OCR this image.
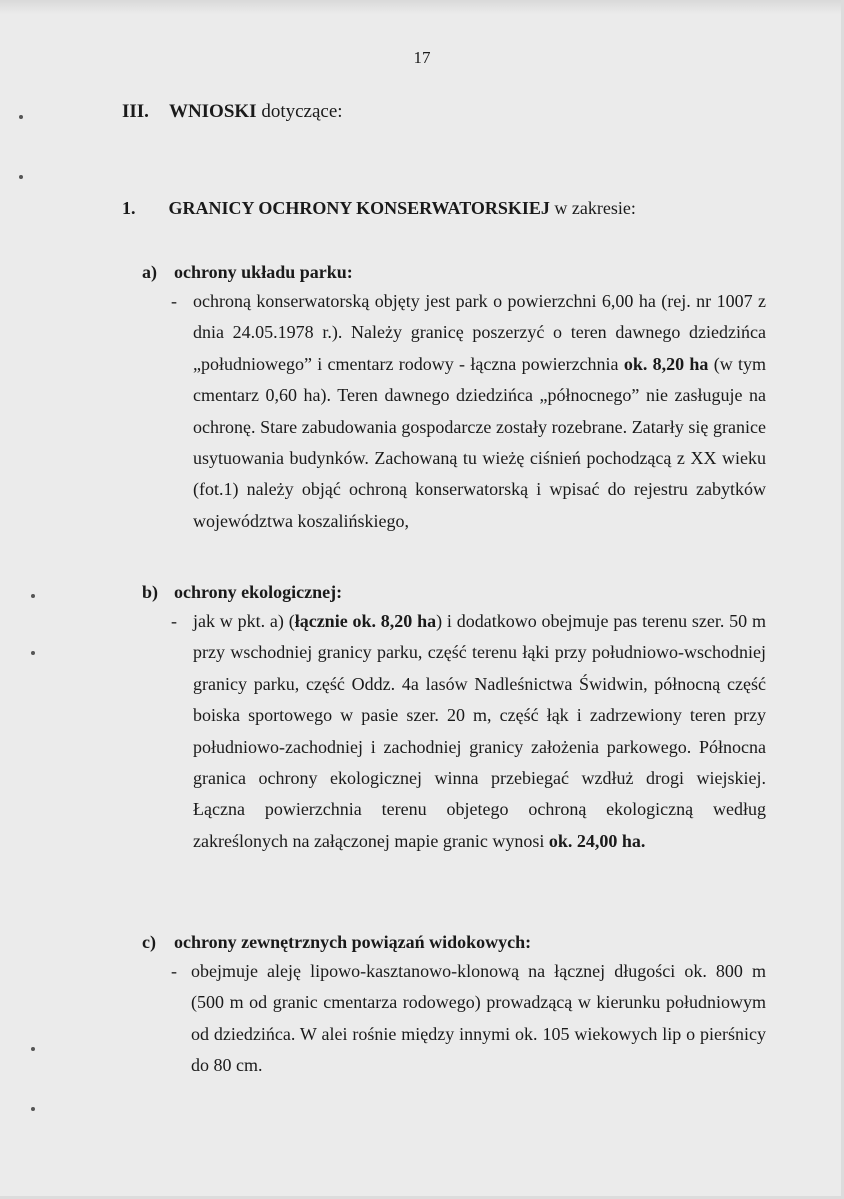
17
III. WNIOSKI dotyczące:
1. GRANICY OCHRONY KONSERWATORSKIEJ w zakresie:
a) ochrony układu parku:
- ochroną konserwatorską objęty jest park o powierzchni 6,00 ha (rej. nr 1007 z dnia 24.05.1978 r.). Należy granicę poszerzyć o teren dawnego dziedzińca „południowego” i cmentarz rodowy - łączna powierzchnia ok. 8,20 ha (w tym cmentarz 0,60 ha). Teren dawnego dziedzińca „północnego” nie zasługuje na ochronę. Stare zabudowania gospodarcze zostały rozebrane. Zatarły się granice usytuowania budynków. Zachowaną tu wieżę ciśnień pochodzącą z XX wieku (fot.1) należy objąć ochroną konserwatorską i wpisać do rejestru zabytków województwa koszalińskiego,
b) ochrony ekologicznej:
- jak w pkt. a) (łącznie ok. 8,20 ha) i dodatkowo obejmuje pas terenu szer. 50 m przy wschodniej granicy parku, część terenu łąki przy południowo-wschodniej granicy parku, część Oddz. 4a lasów Nadleśnictwa Świdwin, północną część boiska sportowego w pasie szer. 20 m, część łąk i zadrzewiony teren przy południowo-zachodniej i zachodniej granicy założenia parkowego. Północna granica ochrony ekologicznej winna przebiegać wzdłuż drogi wiejskiej. Łączna powierzchnia terenu objetego ochroną ekologiczną według zakreślonych na załączonej mapie granic wynosi ok. 24,00 ha.
c) ochrony zewnętrznych powiązań widokowych:
- obejmuje aleję lipowo-kasztanowo-klonową na łącznej długości ok. 800 m (500 m od granic cmentarza rodowego) prowadzącą w kierunku południowym od dziedzińca. W alei rośnie między innymi ok. 105 wiekowych lip o pierśnicy do 80 cm.
